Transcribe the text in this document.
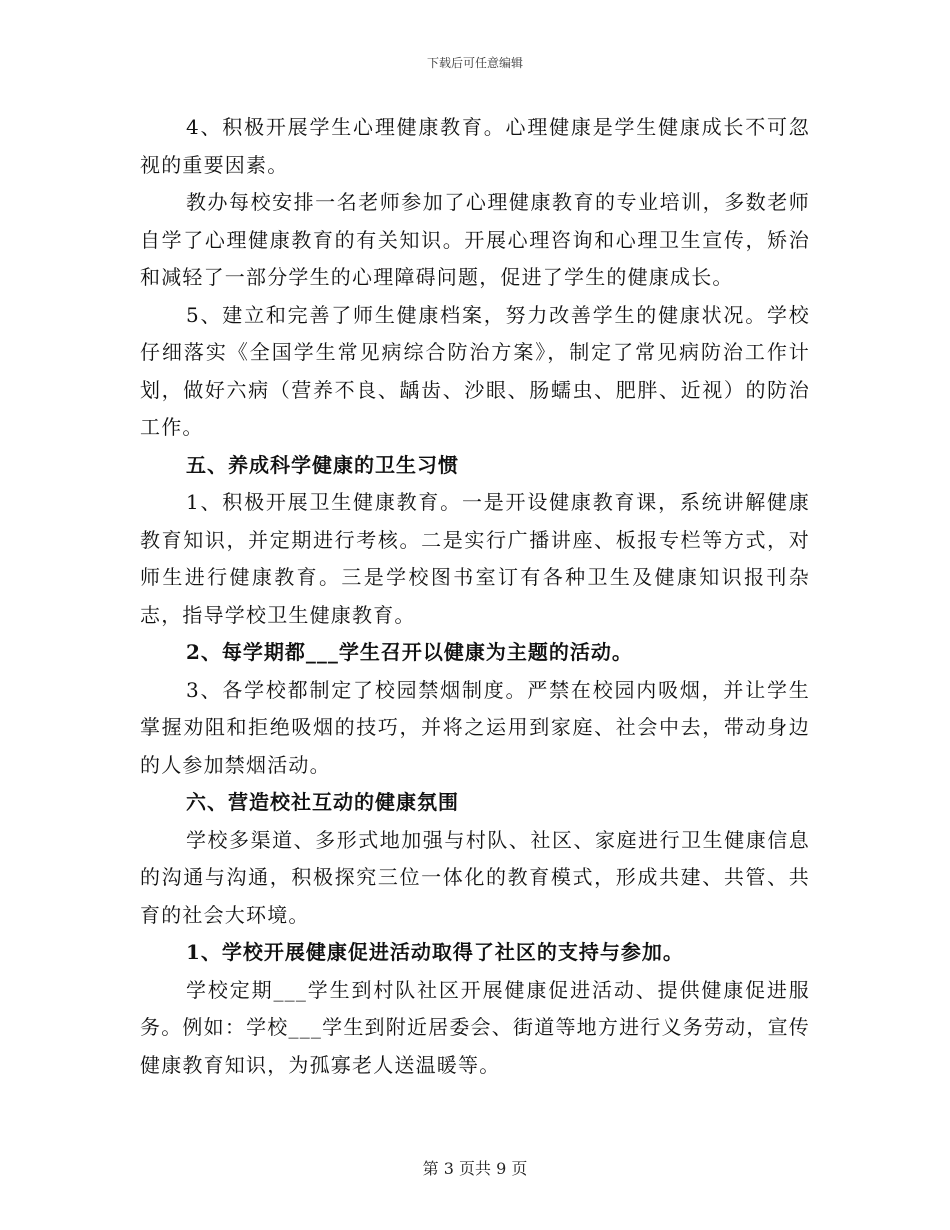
下载后可任意编辑

4、积极开展学生心理健康教育。心理健康是学生健康成长不可忽视的重要因素。

教办每校安排一名老师参加了心理健康教育的专业培训，多数老师自学了心理健康教育的有关知识。开展心理咨询和心理卫生宣传，矫治和减轻了一部分学生的心理障碍问题，促进了学生的健康成长。

5、建立和完善了师生健康档案，努力改善学生的健康状况。学校仔细落实《全国学生常见病综合防治方案》，制定了常见病防治工作计划，做好六病（营养不良、龋齿、沙眼、肠蠕虫、肥胖、近视）的防治工作。

五、养成科学健康的卫生习惯

1、积极开展卫生健康教育。一是开设健康教育课，系统讲解健康教育知识，并定期进行考核。二是实行广播讲座、板报专栏等方式，对师生进行健康教育。三是学校图书室订有各种卫生及健康知识报刊杂志，指导学校卫生健康教育。

2、每学期都___学生召开以健康为主题的活动。

3、各学校都制定了校园禁烟制度。严禁在校园内吸烟，并让学生掌握劝阻和拒绝吸烟的技巧，并将之运用到家庭、社会中去，带动身边的人参加禁烟活动。

六、营造校社互动的健康氛围

学校多渠道、多形式地加强与村队、社区、家庭进行卫生健康信息的沟通与沟通，积极探究三位一体化的教育模式，形成共建、共管、共育的社会大环境。

1、学校开展健康促进活动取得了社区的支持与参加。

学校定期___学生到村队社区开展健康促进活动、提供健康促进服务。例如：学校___学生到附近居委会、街道等地方进行义务劳动，宣传健康教育知识，为孤寡老人送温暖等。

第 3 页共 9 页
